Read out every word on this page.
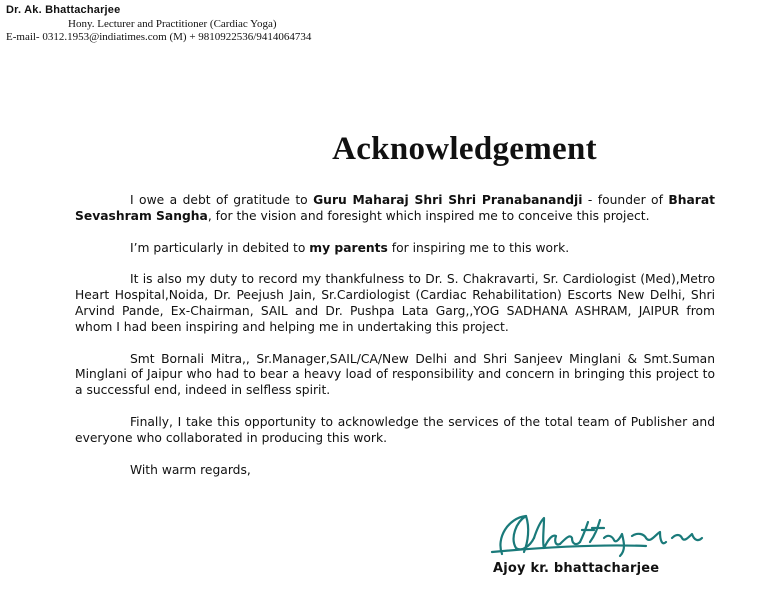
Dr. Ak. Bhattacharjee

Hony. Lecturer and Practitioner (Cardiac Yoga)

E-mail- 0312.1953@indiatimes.com (M) + 9810922536/9414064734

Acknowledgement

I owe a debt of gratitude to Guru Maharaj Shri Shri Pranabanandji - founder of Bharat Sevashram Sangha, for the vision and foresight which inspired me to conceive this project.

I’m particularly in debited to my parents for inspiring me to this work.

It is also my duty to record my thankfulness to Dr. S. Chakravarti, Sr. Cardiologist (Med),Metro Heart Hospital,Noida, Dr. Peejush Jain, Sr.Cardiologist (Cardiac Rehabilitation) Escorts New Delhi, Shri Arvind Pande, Ex-Chairman, SAIL and Dr. Pushpa Lata Garg,,YOG SADHANA ASHRAM, JAIPUR from whom I had been inspiring and helping me in undertaking this project.

Smt Bornali Mitra,, Sr.Manager,SAIL/CA/New Delhi and Shri Sanjeev Minglani & Smt.Suman Minglani of Jaipur who had to bear a heavy load of responsibility and concern in bringing this project to a successful end, indeed in selfless spirit.

Finally, I take this opportunity to acknowledge the services of the total team of Publisher and everyone who collaborated in producing this work.

With warm regards,

Ajoy kr. bhattacharjee
